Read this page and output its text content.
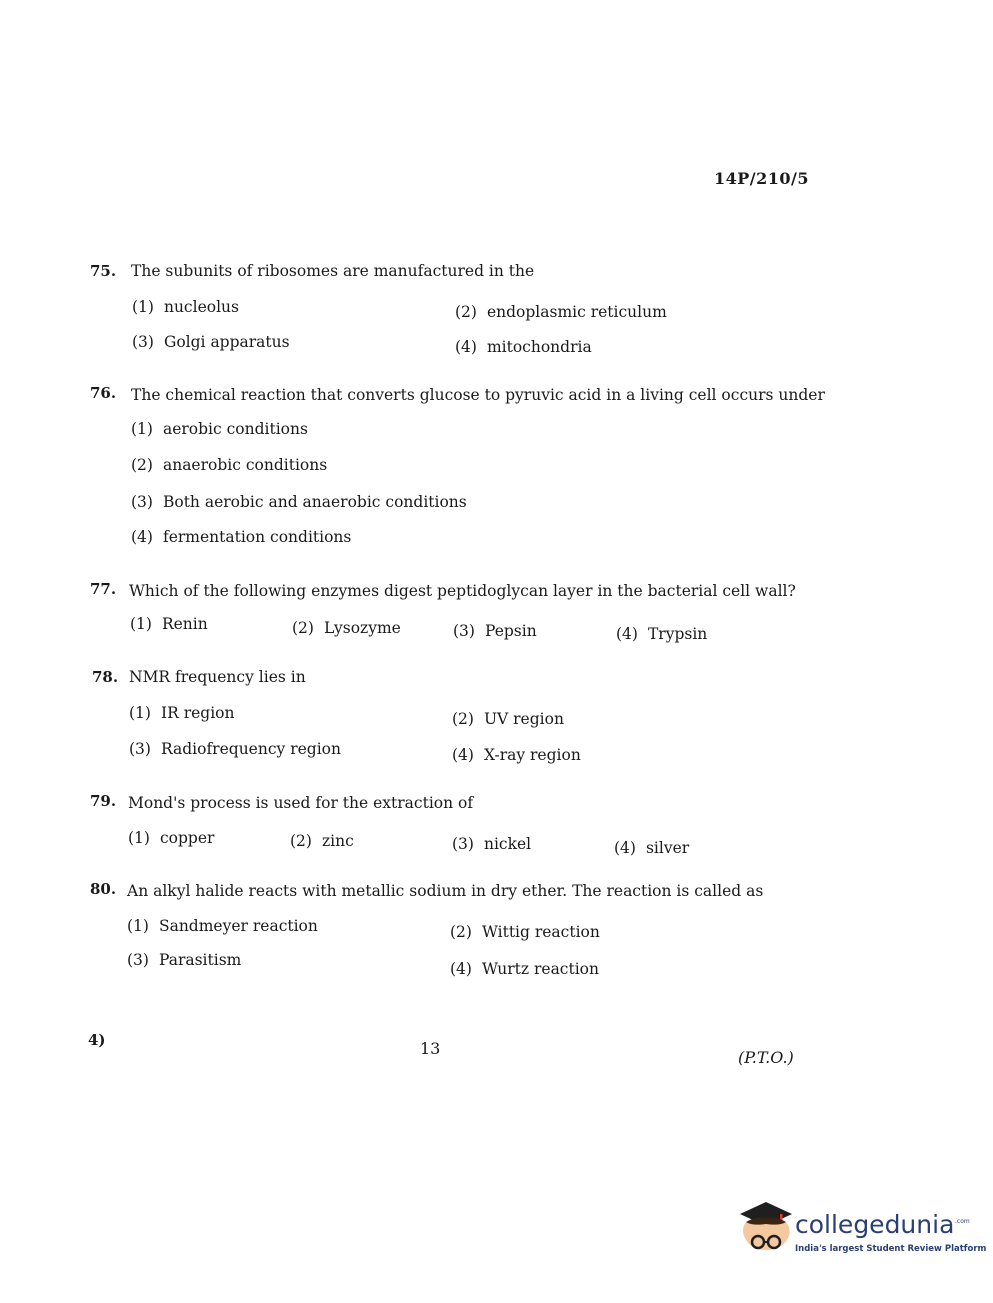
14P/210/5
75. The subunits of ribosomes are manufactured in the
(1) nucleolus	(2) endoplasmic reticulum
(3) Golgi apparatus	(4) mitochondria
76. The chemical reaction that converts glucose to pyruvic acid in a living cell occurs under
(1) aerobic conditions
(2) anaerobic conditions
(3) Both aerobic and anaerobic conditions
(4) fermentation conditions
77. Which of the following enzymes digest peptidoglycan layer in the bacterial cell wall?
(1) Renin	(2) Lysozyme	(3) Pepsin	(4) Trypsin
78. NMR frequency lies in
(1) IR region	(2) UV region
(3) Radiofrequency region	(4) X-ray region
79. Mond's process is used for the extraction of
(1) copper	(2) zinc	(3) nickel	(4) silver
80. An alkyl halide reacts with metallic sodium in dry ether. The reaction is called as
(1) Sandmeyer reaction	(2) Wittig reaction
(3) Parasitism	(4) Wurtz reaction
4)	13	(P.T.O.)
collegedunia .com
India's largest Student Review Platform
